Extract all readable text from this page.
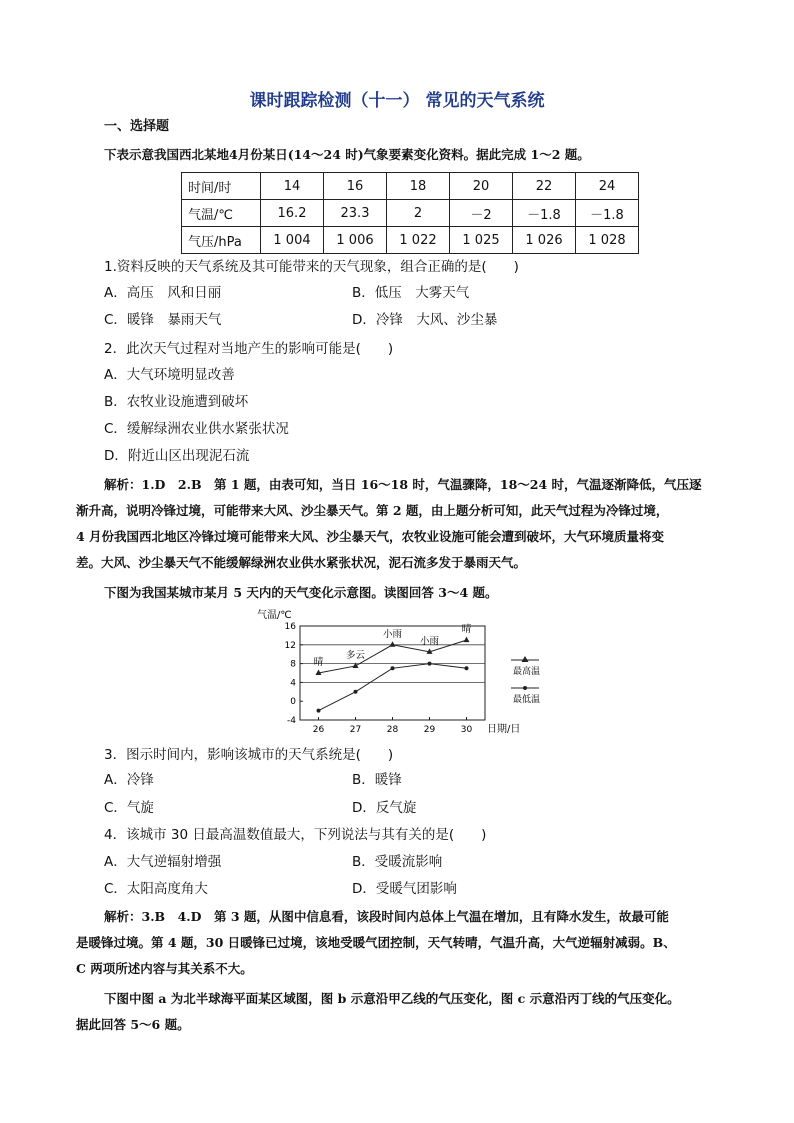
课时跟踪检测（十一） 常见的天气系统
一、选择题
下表示意我国西北某地4月份某日(14～24 时)气象要素变化资料。据此完成 1～2 题。
时间/时	14	16	18	20	22	24
气温/℃	16.2	23.3	2	－2	－1.8	－1.8
气压/hPa	1 004	1 006	1 022	1 025	1 026	1 028
1.资料反映的天气系统及其可能带来的天气现象，组合正确的是(　　)
A．高压　风和日丽	B．低压　大雾天气
C．暖锋　暴雨天气	D．冷锋　大风、沙尘暴
2．此次天气过程对当地产生的影响可能是(　　)
A．大气环境明显改善
B．农牧业设施遭到破坏
C．缓解绿洲农业供水紧张状况
D．附近山区出现泥石流
解析：1.D　2.B　第 1 题，由表可知，当日 16～18 时，气温骤降，18～24 时，气温逐渐降低，气压逐
渐升高，说明冷锋过境，可能带来大风、沙尘暴天气。第 2 题，由上题分析可知，此天气过程为冷锋过境，
4 月份我国西北地区冷锋过境可能带来大风、沙尘暴天气，农牧业设施可能会遭到破坏，大气环境质量将变
差。大风、沙尘暴天气不能缓解绿洲农业供水紧张状况，泥石流多发于暴雨天气。
下图为我国某城市某月 5 天内的天气变化示意图。读图回答 3～4 题。
气温/℃
-4
0
4
8
12
16
26	27	28	29	30
晴
多云
小雨
小雨
晴
日期/日
最高温
最低温
3．图示时间内，影响该城市的天气系统是(　　)
A．冷锋	B．暖锋
C．气旋	D．反气旋
4．该城市 30 日最高温数值最大，下列说法与其有关的是(　　)
A．大气逆辐射增强	B．受暖流影响
C．太阳高度角大	D．受暖气团影响
解析：3.B　4.D　第 3 题，从图中信息看，该段时间内总体上气温在增加，且有降水发生，故最可能
是暖锋过境。第 4 题，30 日暖锋已过境，该地受暖气团控制，天气转晴，气温升高，大气逆辐射减弱。B、
C 两项所述内容与其关系不大。
下图中图 a 为北半球海平面某区域图，图 b 示意沿甲乙线的气压变化，图 c 示意沿丙丁线的气压变化。
据此回答 5～6 题。
